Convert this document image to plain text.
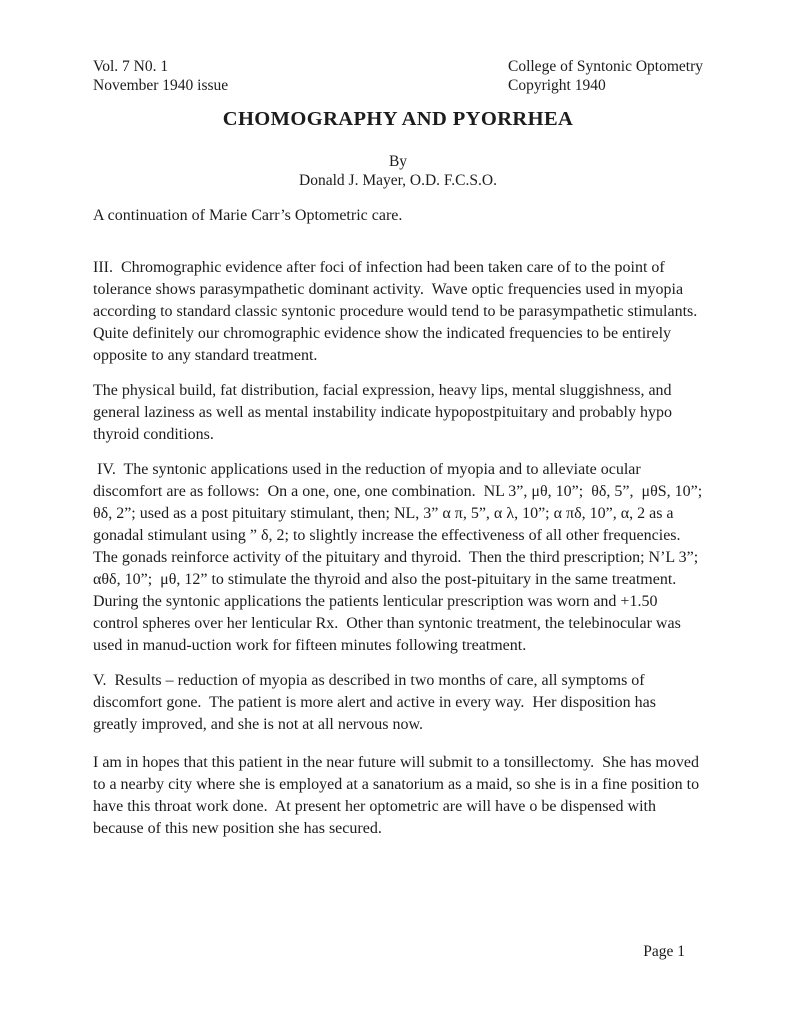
Vol. 7 N0. 1
November 1940 issue
College of Syntonic Optometry
Copyright 1940
CHOMOGRAPHY AND PYORRHEA
By
Donald J. Mayer, O.D. F.C.S.O.

A continuation of Marie Carr’s Optometric care.

III.  Chromographic evidence after foci of infection had been taken care of to the point of tolerance shows parasympathetic dominant activity.  Wave optic frequencies used in myopia according to standard classic syntonic procedure would tend to be parasympathetic stimulants.  Quite definitely our chromographic evidence show the indicated frequencies to be entirely opposite to any standard treatment.

The physical build, fat distribution, facial expression, heavy lips, mental sluggishness, and general laziness as well as mental instability indicate hypopostpituitary and probably hypo thyroid conditions.

IV.  The syntonic applications used in the reduction of myopia and to alleviate ocular discomfort are as follows:  On a one, one, one combination.  NL 3”, μθ, 10”;  θδ, 5”,  μθS, 10”; θδ, 2”; used as a post pituitary stimulant, then; NL, 3” α π, 5”, α λ, 10”; α πδ, 10”, α, 2 as a gonadal stimulant using ” δ, 2; to slightly increase the effectiveness of all other frequencies.  The gonads reinforce activity of the pituitary and thyroid.  Then the third prescription; N’L 3”; αθδ, 10”;  μθ, 12” to stimulate the thyroid and also the post-pituitary in the same treatment.  During the syntonic applications the patients lenticular prescription was worn and +1.50 control spheres over her lenticular Rx.  Other than syntonic treatment, the telebinocular was used in manud-uction work for fifteen minutes following treatment.

V.  Results – reduction of myopia as described in two months of care, all symptoms of discomfort gone.  The patient is more alert and active in every way.  Her disposition has greatly improved, and she is not at all nervous now.

I am in hopes that this patient in the near future will submit to a tonsillectomy.  She has moved to a nearby city where she is employed at a sanatorium as a maid, so she is in a fine position to have this throat work done.  At present her optometric are will have o be dispensed with because of this new position she has secured.

Page 1
